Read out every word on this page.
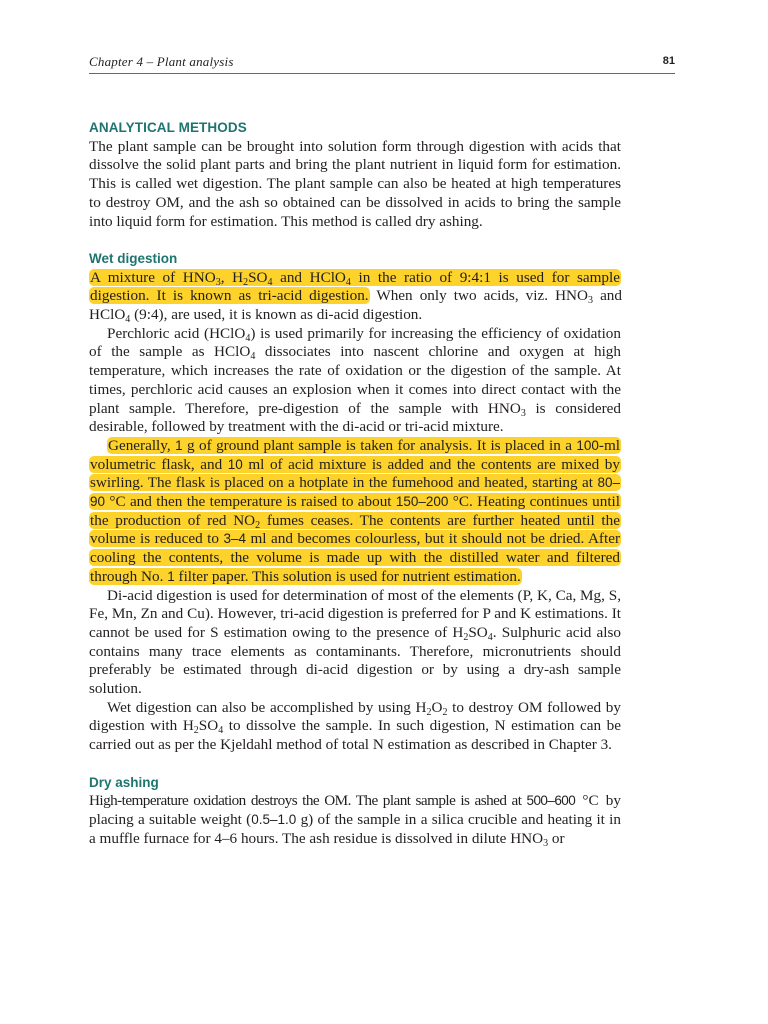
Chapter 4 – Plant analysis	81
ANALYTICAL METHODS

The plant sample can be brought into solution form through digestion with acids that dissolve the solid plant parts and bring the plant nutrient in liquid form for estimation. This is called wet digestion. The plant sample can also be heated at high temperatures to destroy OM, and the ash so obtained can be dissolved in acids to bring the sample into liquid form for estimation. This method is called dry ashing.

Wet digestion

A mixture of $HNO_3$, $H_2SO_4$ and HClO$_4$ in the ratio of 9:4:1 is used for sample digestion. It is known as tri-acid digestion. When only two acids, viz. $HNO_3$ and HClO$_4$ (9:4), are used, it is known as di-acid digestion.

Perchloric acid (HClO$_4$) is used primarily for increasing the efficiency of oxidation of the sample as HClO$_4$ dissociates into nascent chlorine and oxygen at high temperature, which increases the rate of oxidation or the digestion of the sample. At times, perchloric acid causes an explosion when it comes into direct contact with the plant sample. Therefore, pre-digestion of the sample with $HNO_3$ is considered desirable, followed by treatment with the di-acid or tri-acid mixture.

Generally, 1 g of ground plant sample is taken for analysis. It is placed in a 100-ml volumetric flask, and 10 ml of acid mixture is added and the contents are mixed by swirling. The flask is placed on a hotplate in the fumehood and heated, starting at 80–90 °C and then the temperature is raised to about 150–200 °C. Heating continues until the production of red $NO_2$ fumes ceases. The contents are further heated until the volume is reduced to 3–4 ml and becomes colourless, but it should not be dried. After cooling the contents, the volume is made up with the distilled water and filtered through No. 1 filter paper. This solution is used for nutrient estimation.

Di-acid digestion is used for determination of most of the elements (P, K, Ca, Mg, S, Fe, Mn, Zn and Cu). However, tri-acid digestion is preferred for P and K estimations. It cannot be used for S estimation owing to the presence of $H_2SO_4$. Sulphuric acid also contains many trace elements as contaminants. Therefore, micronutrients should preferably be estimated through di-acid digestion or by using a dry-ash sample solution.

Wet digestion can also be accomplished by using $H_2O_2$ to destroy OM followed by digestion with $H_2SO_4$ to dissolve the sample. In such digestion, N estimation can be carried out as per the Kjeldahl method of total N estimation as described in Chapter 3.

Dry ashing

High-temperature oxidation destroys the OM. The plant sample is ashed at 500–600 °C by placing a suitable weight (0.5–1.0 g) of the sample in a silica crucible and heating it in a muffle furnace for 4–6 hours. The ash residue is dissolved in dilute $HNO_3$ or
